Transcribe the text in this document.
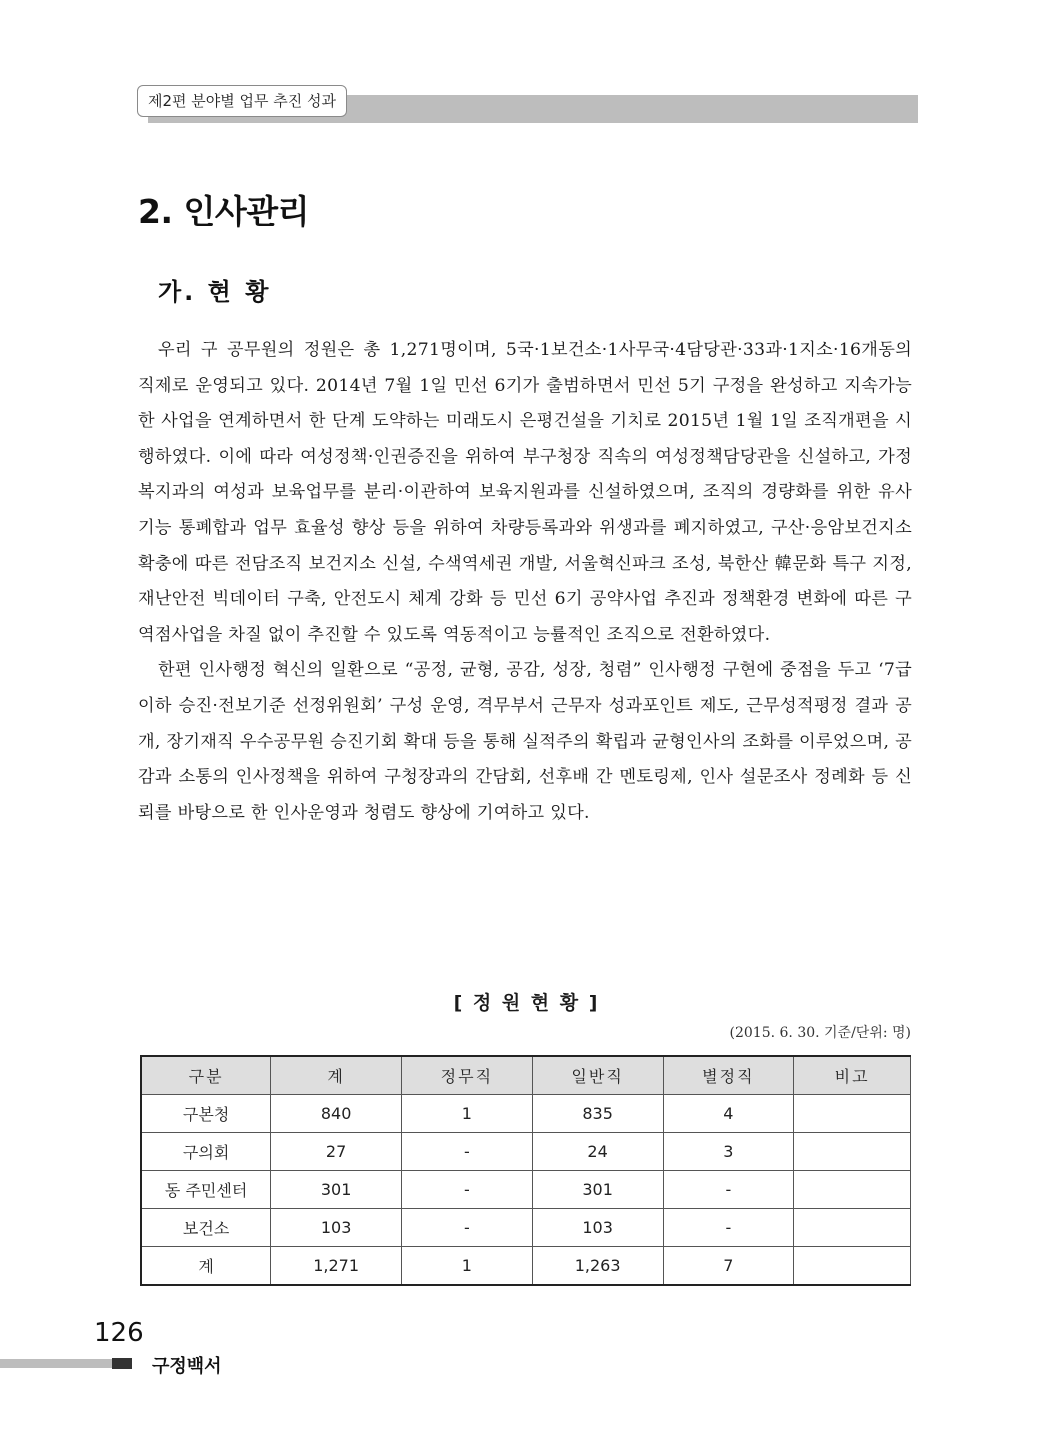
제2편 분야별 업무 추진 성과
2. 인사관리
가. 현 황

우리 구 공무원의 정원은 총 1,271명이며, 5국·1보건소·1사무국·4담당관·33과·1지소·16개동의 직제로 운영되고 있다. 2014년 7월 1일 민선 6기가 출범하면서 민선 5기 구정을 완성하고 지속가능한 사업을 연계하면서 한 단계 도약하는 미래도시 은평건설을 기치로 2015년 1월 1일 조직개편을 시행하였다. 이에 따라 여성정책·인권증진을 위하여 부구청장 직속의 여성정책담당관을 신설하고, 가정복지과의 여성과 보육업무를 분리·이관하여 보육지원과를 신설하였으며, 조직의 경량화를 위한 유사 기능 통폐합과 업무 효율성 향상 등을 위하여 차량등록과와 위생과를 폐지하였고, 구산·응암보건지소 확충에 따른 전담조직 보건지소 신설, 수색역세권 개발, 서울혁신파크 조성, 북한산 韓문화 특구 지정, 재난안전 빅데이터 구축, 안전도시 체계 강화 등 민선 6기 공약사업 추진과 정책환경 변화에 따른 구 역점사업을 차질 없이 추진할 수 있도록 역동적이고 능률적인 조직으로 전환하였다.

한편 인사행정 혁신의 일환으로 “공정, 균형, 공감, 성장, 청렴” 인사행정 구현에 중점을 두고 ‘7급 이하 승진·전보기준 선정위원회’ 구성 운영, 격무부서 근무자 성과포인트 제도, 근무성적평정 결과 공개, 장기재직 우수공무원 승진기회 확대 등을 통해 실적주의 확립과 균형인사의 조화를 이루었으며, 공감과 소통의 인사정책을 위하여 구청장과의 간담회, 선후배 간 멘토링제, 인사 설문조사 정례화 등 신뢰를 바탕으로 한 인사운영과 청렴도 향상에 기여하고 있다.

[ 정 원 현 황 ]
(2015. 6. 30. 기준/단위: 명)
구분	계	정무직	일반직	별정직	비고
구본청	840	1	835	4	
구의회	27	-	24	3	
동 주민센터	301	-	301	-	
보건소	103	-	103	-	
계	1,271	1	1,263	7	
126
구정백서
